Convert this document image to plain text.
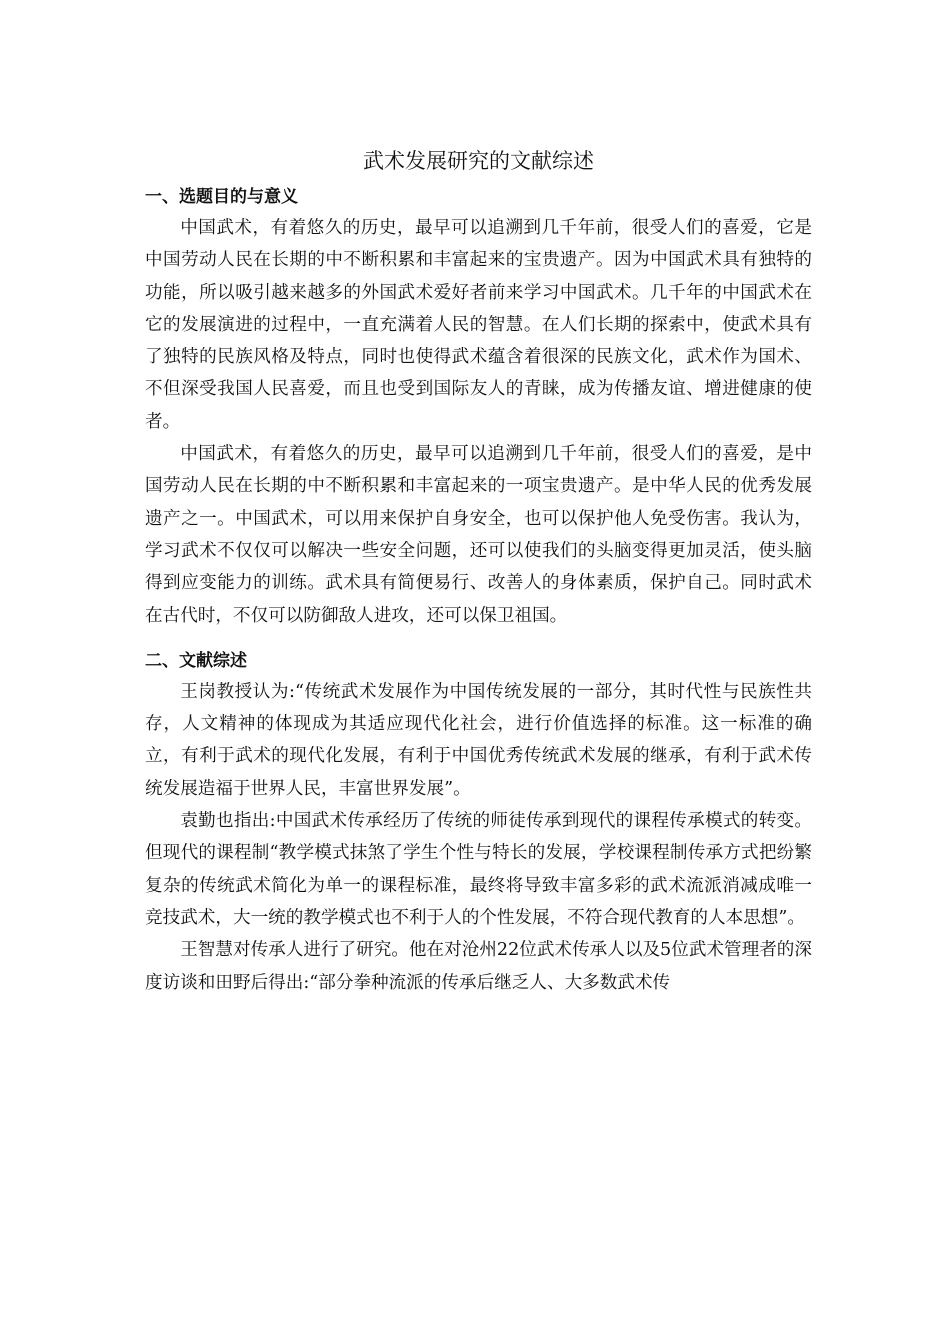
武术发展研究的文献综述
一、选题目的与意义

中国武术，有着悠久的历史，最早可以追溯到几千年前，很受人们的喜爱，它是中国劳动人民在长期的中不断积累和丰富起来的宝贵遗产。因为中国武术具有独特的功能，所以吸引越来越多的外国武术爱好者前来学习中国武术。几千年的中国武术在它的发展演进的过程中，一直充满着人民的智慧。在人们长期的探索中，使武术具有了独特的民族风格及特点，同时也使得武术蕴含着很深的民族文化，武术作为国术、不但深受我国人民喜爱，而且也受到国际友人的青睐，成为传播友谊、增进健康的使者。

中国武术，有着悠久的历史，最早可以追溯到几千年前，很受人们的喜爱，是中国劳动人民在长期的中不断积累和丰富起来的一项宝贵遗产。是中华人民的优秀发展遗产之一。中国武术，可以用来保护自身安全，也可以保护他人免受伤害。我认为，学习武术不仅仅可以解决一些安全问题，还可以使我们的头脑变得更加灵活，使头脑得到应变能力的训练。武术具有简便易行、改善人的身体素质，保护自己。同时武术在古代时，不仅可以防御敌人进攻，还可以保卫祖国。

二、文献综述

王岗教授认为:“传统武术发展作为中国传统发展的一部分，其时代性与民族性共存，人文精神的体现成为其适应现代化社会，进行价值选择的标准。这一标准的确立，有利于武术的现代化发展，有利于中国优秀传统武术发展的继承，有利于武术传统发展造福于世界人民，丰富世界发展”。

袁勤也指出:中国武术传承经历了传统的师徒传承到现代的课程传承模式的转变。但现代的课程制“教学模式抹煞了学生个性与特长的发展，学校课程制传承方式把纷繁复杂的传统武术简化为单一的课程标准，最终将导致丰富多彩的武术流派消减成唯一竞技武术，大一统的教学模式也不利于人的个性发展，不符合现代教育的人本思想”。

王智慧对传承人进行了研究。他在对沧州22位武术传承人以及5位武术管理者的深度访谈和田野后得出:“部分拳种流派的传承后继乏人、大多数武术传
